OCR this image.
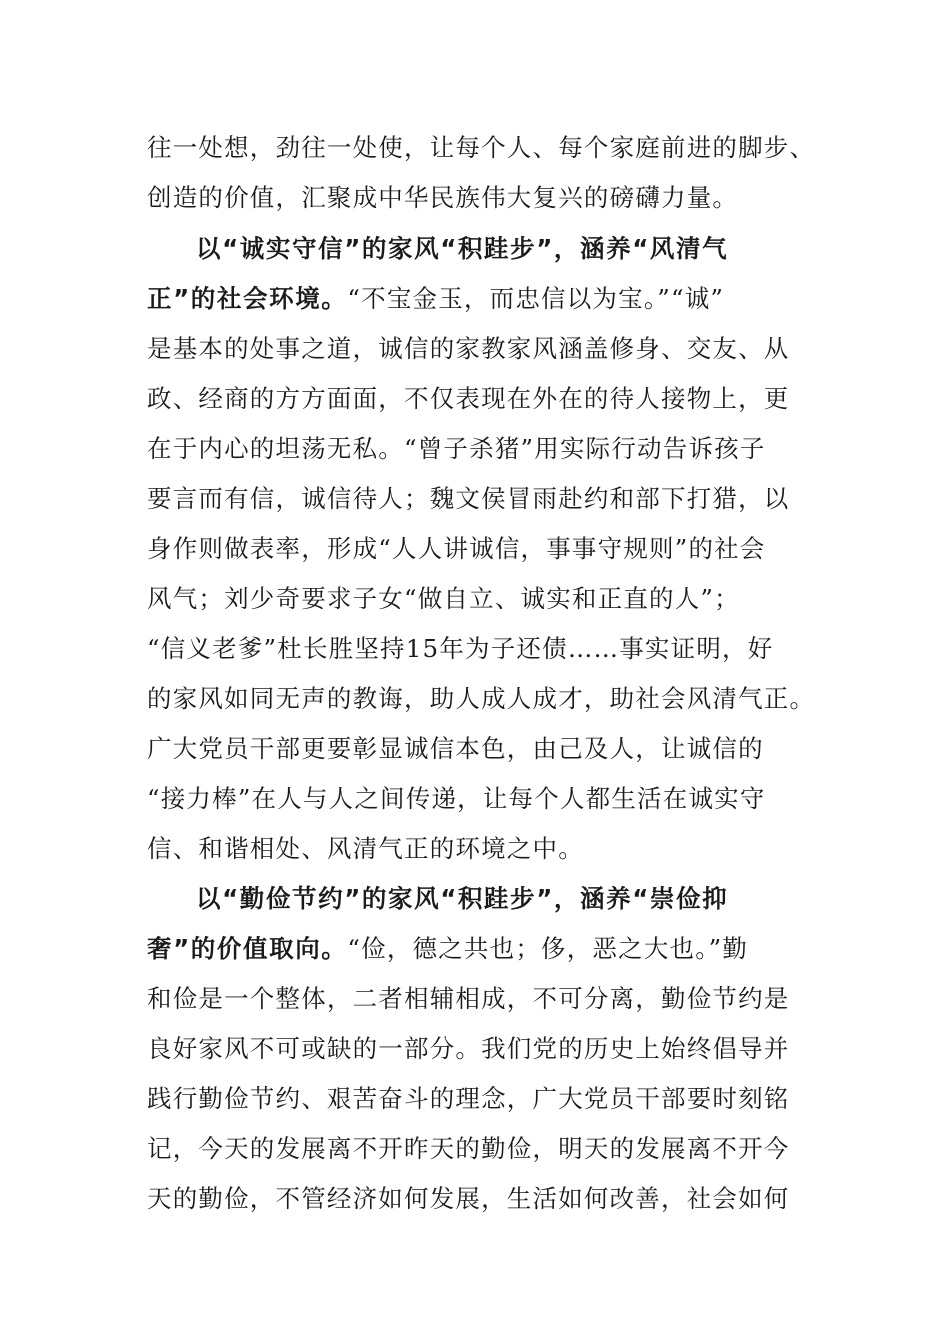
往一处想，劲往一处使，让每个人、每个家庭前进的脚步、
创造的价值，汇聚成中华民族伟大复兴的磅礴力量。
以“诚实守信”的家风“积跬步”，涵养“风清气
正”的社会环境。“不宝金玉，而忠信以为宝。”“诚”
是基本的处事之道，诚信的家教家风涵盖修身、交友、从
政、经商的方方面面，不仅表现在外在的待人接物上，更
在于内心的坦荡无私。“曾子杀猪”用实际行动告诉孩子
要言而有信，诚信待人；魏文侯冒雨赴约和部下打猎，以
身作则做表率，形成“人人讲诚信，事事守规则”的社会
风气；刘少奇要求子女“做自立、诚实和正直的人”；
“信义老爹”杜长胜坚持15年为子还债……事实证明，好
的家风如同无声的教诲，助人成人成才，助社会风清气正。
广大党员干部更要彰显诚信本色，由己及人，让诚信的
“接力棒”在人与人之间传递，让每个人都生活在诚实守
信、和谐相处、风清气正的环境之中。
以“勤俭节约”的家风“积跬步”，涵养“崇俭抑
奢”的价值取向。“俭，德之共也；侈，恶之大也。”勤
和俭是一个整体，二者相辅相成，不可分离，勤俭节约是
良好家风不可或缺的一部分。我们党的历史上始终倡导并
践行勤俭节约、艰苦奋斗的理念，广大党员干部要时刻铭
记，今天的发展离不开昨天的勤俭，明天的发展离不开今
天的勤俭，不管经济如何发展，生活如何改善，社会如何
